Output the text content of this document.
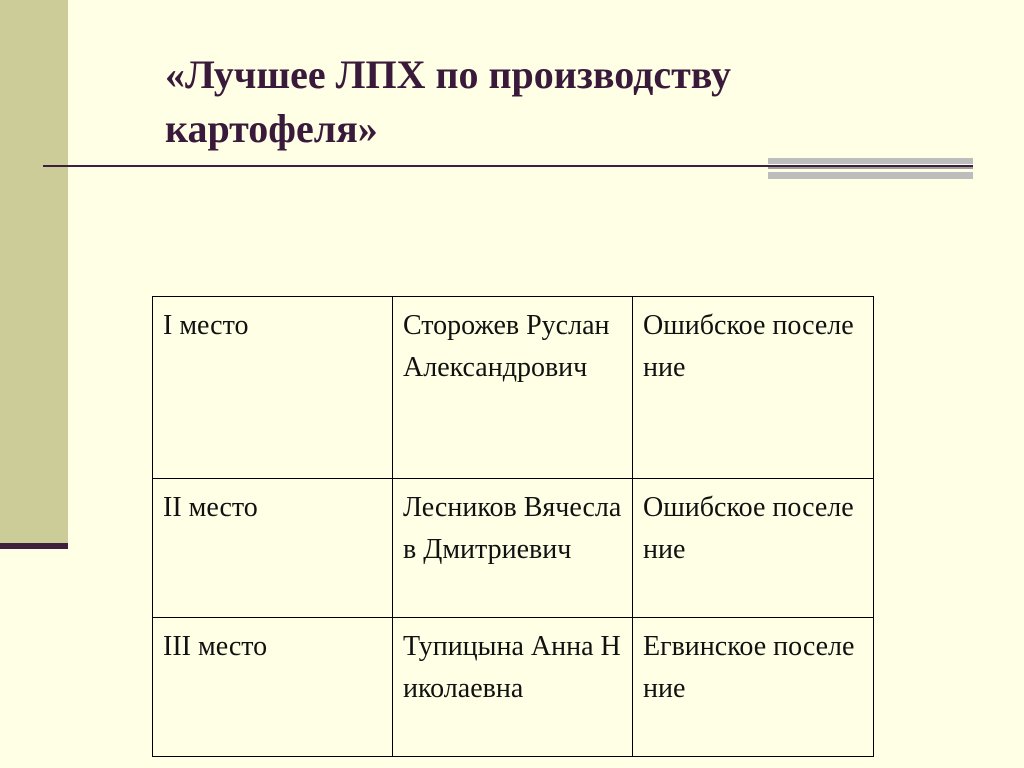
«Лучшее ЛПХ по производству картофеля»
I место	Сторожев Руслан Александрович	Ошибское поселение
II место	Лесников Вячеслав Дмитриевич	Ошибское поселение
III место	Тупицына Анна Николаевна	Егвинское поселение
